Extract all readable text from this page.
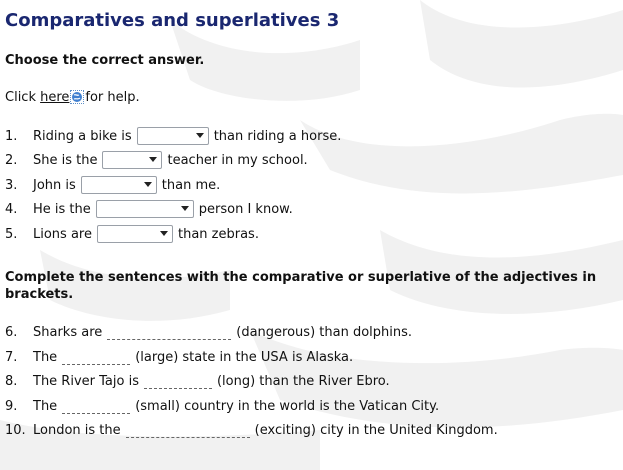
Comparatives and superlatives 3
Choose the correct answer.
Click here for help.
1.	Riding a bike is	than riding a horse.
2.	She is the	teacher in my school.
3.	John is	than me.
4.	He is the	person I know.
5.	Lions are	than zebras.
Complete the sentences with the comparative or superlative of the adjectives in
brackets.
6.	Sharks are	(dangerous) than dolphins.
7.	The	(large) state in the USA is Alaska.
8.	The River Tajo is	(long) than the River Ebro.
9.	The	(small) country in the world is the Vatican City.
10. London is the	(exciting) city in the United Kingdom.
